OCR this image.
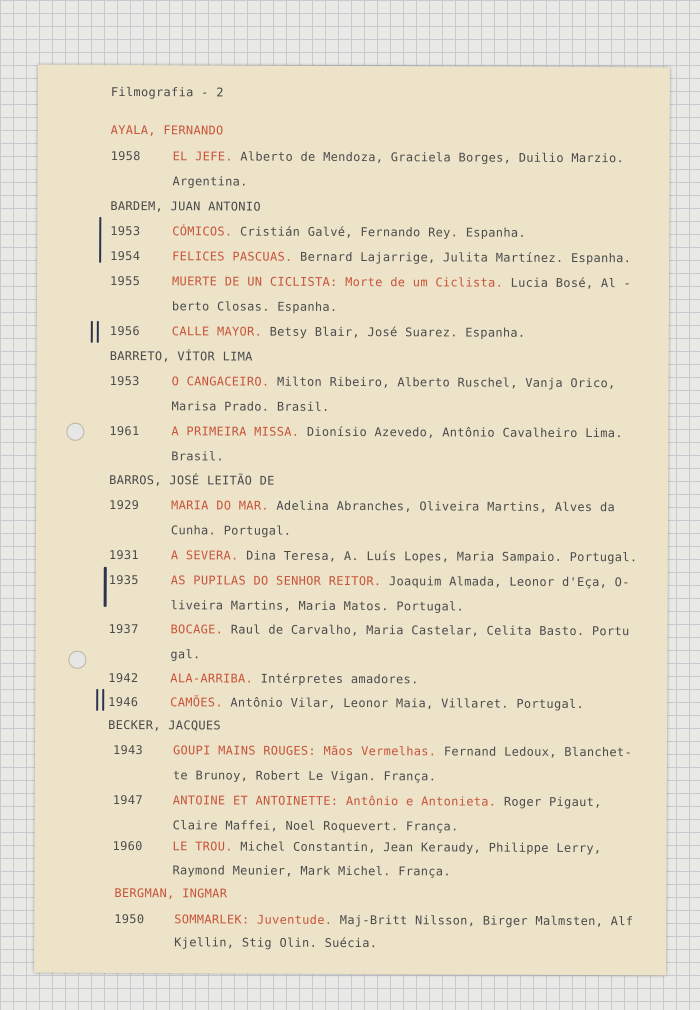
Filmografia - 2
AYALA, FERNANDO
1958	EL JEFE. Alberto de Mendoza, Graciela Borges, Duilio Marzio.
Argentina.
BARDEM, JUAN ANTONIO
1953	CÓMICOS. Cristián Galvé, Fernando Rey. Espanha.
1954	FELICES PASCUAS. Bernard Lajarrige, Julita Martínez. Espanha.
1955	MUERTE DE UN CICLISTA: Morte de um Ciclista. Lucia Bosé, Al -
berto Closas. Espanha.
1956	CALLE MAYOR. Betsy Blair, José Suarez. Espanha.
BARRETO, VÍTOR LIMA
1953	O CANGACEIRO. Milton Ribeiro, Alberto Ruschel, Vanja Orico,
Marisa Prado. Brasil.
1961	A PRIMEIRA MISSA. Dionísio Azevedo, Antônio Cavalheiro Lima.
Brasil.
BARROS, JOSÉ LEITÃO DE
1929	MARIA DO MAR. Adelina Abranches, Oliveira Martins, Alves da
Cunha. Portugal.
1931	A SEVERA. Dina Teresa, A. Luís Lopes, Maria Sampaio. Portugal.
1935	AS PUPILAS DO SENHOR REITOR. Joaquim Almada, Leonor d'Eça, O-
liveira Martins, Maria Matos. Portugal.
1937	BOCAGE. Raul de Carvalho, Maria Castelar, Celita Basto. Portu
gal.
1942	ALA-ARRIBA. Intérpretes amadores.
1946	CAMÕES. Antônio Vilar, Leonor Maia, Villaret. Portugal.
BECKER, JACQUES
1943 GOUPI MAINS ROUGES: Mãos Vermelhas. Fernand Ledoux, Blanchet-
te Brunoy, Robert Le Vigan. França.
1947 ANTOINE ET ANTOINETTE: Antônio e Antonieta. Roger Pigaut,
Claire Maffei, Noel Roquevert. França.
1960 LE TROU. Michel Constantin, Jean Keraudy, Philippe Lerry,
Raymond Meunier, Mark Michel. França.
BERGMAN, INGMAR
1950 SOMMARLEK: Juventude. Maj-Britt Nilsson, Birger Malmsten, Alf
Kjellin, Stig Olin. Suécia.
